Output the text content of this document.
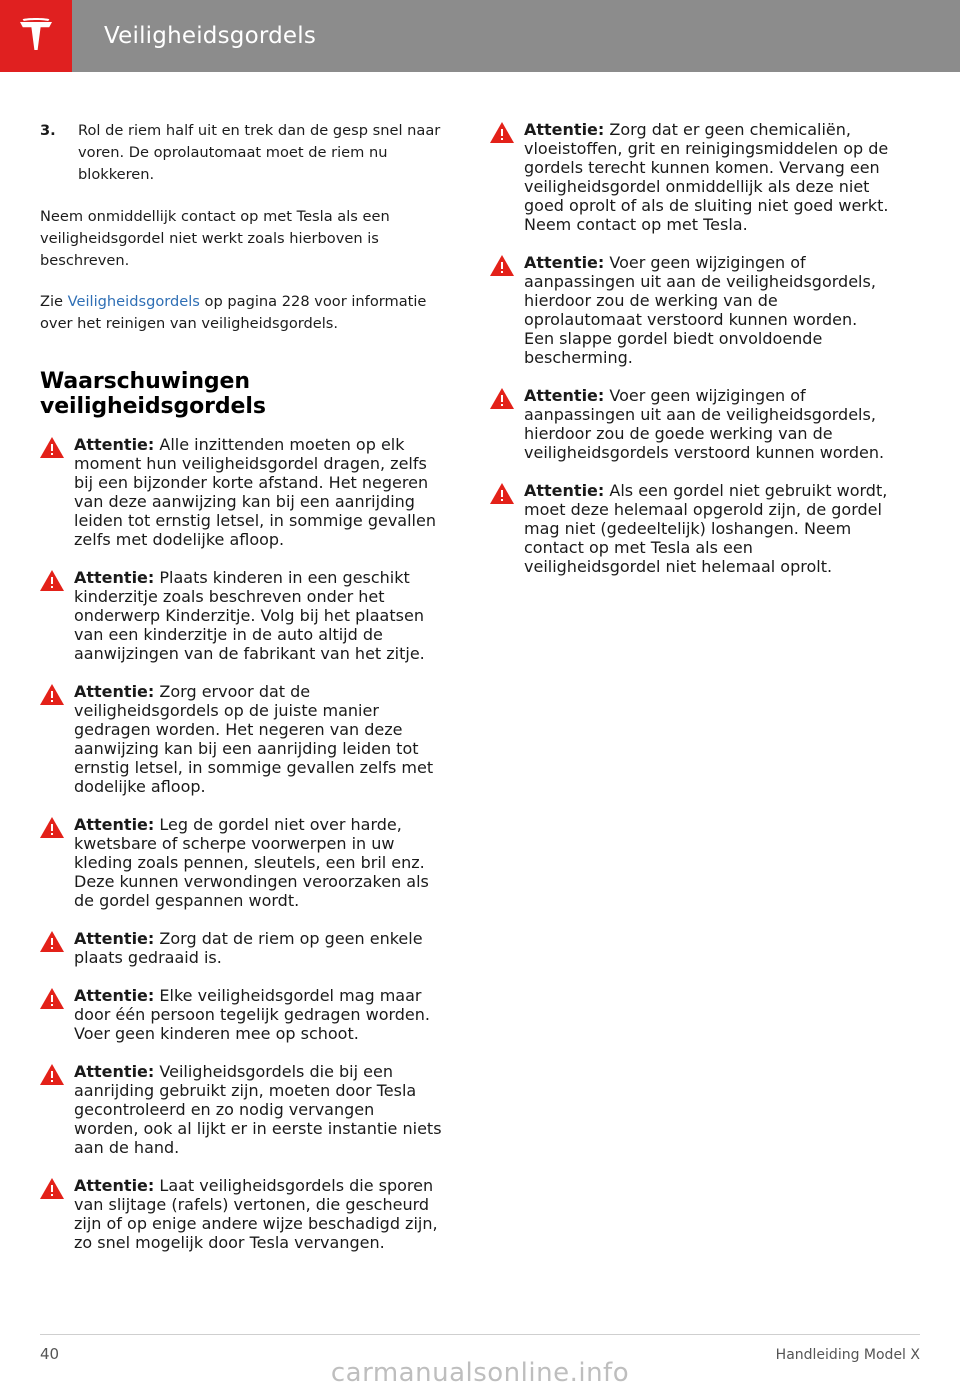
Veiligheidsgordels
3.	Rol de riem half uit en trek dan de gesp snel naar voren. De oprolautomaat moet de riem nu blokkeren.

Neem onmiddellijk contact op met Tesla als een veiligheidsgordel niet werkt zoals hierboven is beschreven.

Zie Veiligheidsgordels op pagina 228 voor informatie over het reinigen van veiligheidsgordels.

Waarschuwingen veiligheidsgordels
Attentie: Alle inzittenden moeten op elk moment hun veiligheidsgordel dragen, zelfs bij een bijzonder korte afstand. Het negeren van deze aanwijzing kan bij een aanrijding leiden tot ernstig letsel, in sommige gevallen zelfs met dodelijke afloop.
Attentie: Plaats kinderen in een geschikt kinderzitje zoals beschreven onder het onderwerp Kinderzitje. Volg bij het plaatsen van een kinderzitje in de auto altijd de aanwijzingen van de fabrikant van het zitje.
Attentie: Zorg ervoor dat de veiligheidsgordels op de juiste manier gedragen worden. Het negeren van deze aanwijzing kan bij een aanrijding leiden tot ernstig letsel, in sommige gevallen zelfs met dodelijke afloop.
Attentie: Leg de gordel niet over harde, kwetsbare of scherpe voorwerpen in uw kleding zoals pennen, sleutels, een bril enz. Deze kunnen verwondingen veroorzaken als de gordel gespannen wordt.
Attentie: Zorg dat de riem op geen enkele plaats gedraaid is.
Attentie: Elke veiligheidsgordel mag maar door één persoon tegelijk gedragen worden. Voer geen kinderen mee op schoot.
Attentie: Veiligheidsgordels die bij een aanrijding gebruikt zijn, moeten door Tesla gecontroleerd en zo nodig vervangen worden, ook al lijkt er in eerste instantie niets aan de hand.
Attentie: Laat veiligheidsgordels die sporen van slijtage (rafels) vertonen, die gescheurd zijn of op enige andere wijze beschadigd zijn, zo snel mogelijk door Tesla vervangen.
Attentie: Zorg dat er geen chemicaliën, vloeistoffen, grit en reinigingsmiddelen op de gordels terecht kunnen komen. Vervang een veiligheidsgordel onmiddellijk als deze niet goed oprolt of als de sluiting niet goed werkt. Neem contact op met Tesla.
Attentie: Voer geen wijzigingen of aanpassingen uit aan de veiligheidsgordels, hierdoor zou de werking van de oprolautomaat verstoord kunnen worden. Een slappe gordel biedt onvoldoende bescherming.
Attentie: Voer geen wijzigingen of aanpassingen uit aan de veiligheidsgordels, hierdoor zou de goede werking van de veiligheidsgordels verstoord kunnen worden.
Attentie: Als een gordel niet gebruikt wordt, moet deze helemaal opgerold zijn, de gordel mag niet (gedeeltelijk) loshangen. Neem contact op met Tesla als een veiligheidsgordel niet helemaal oprolt.
40	Handleiding Model X
carmanualsonline.info
